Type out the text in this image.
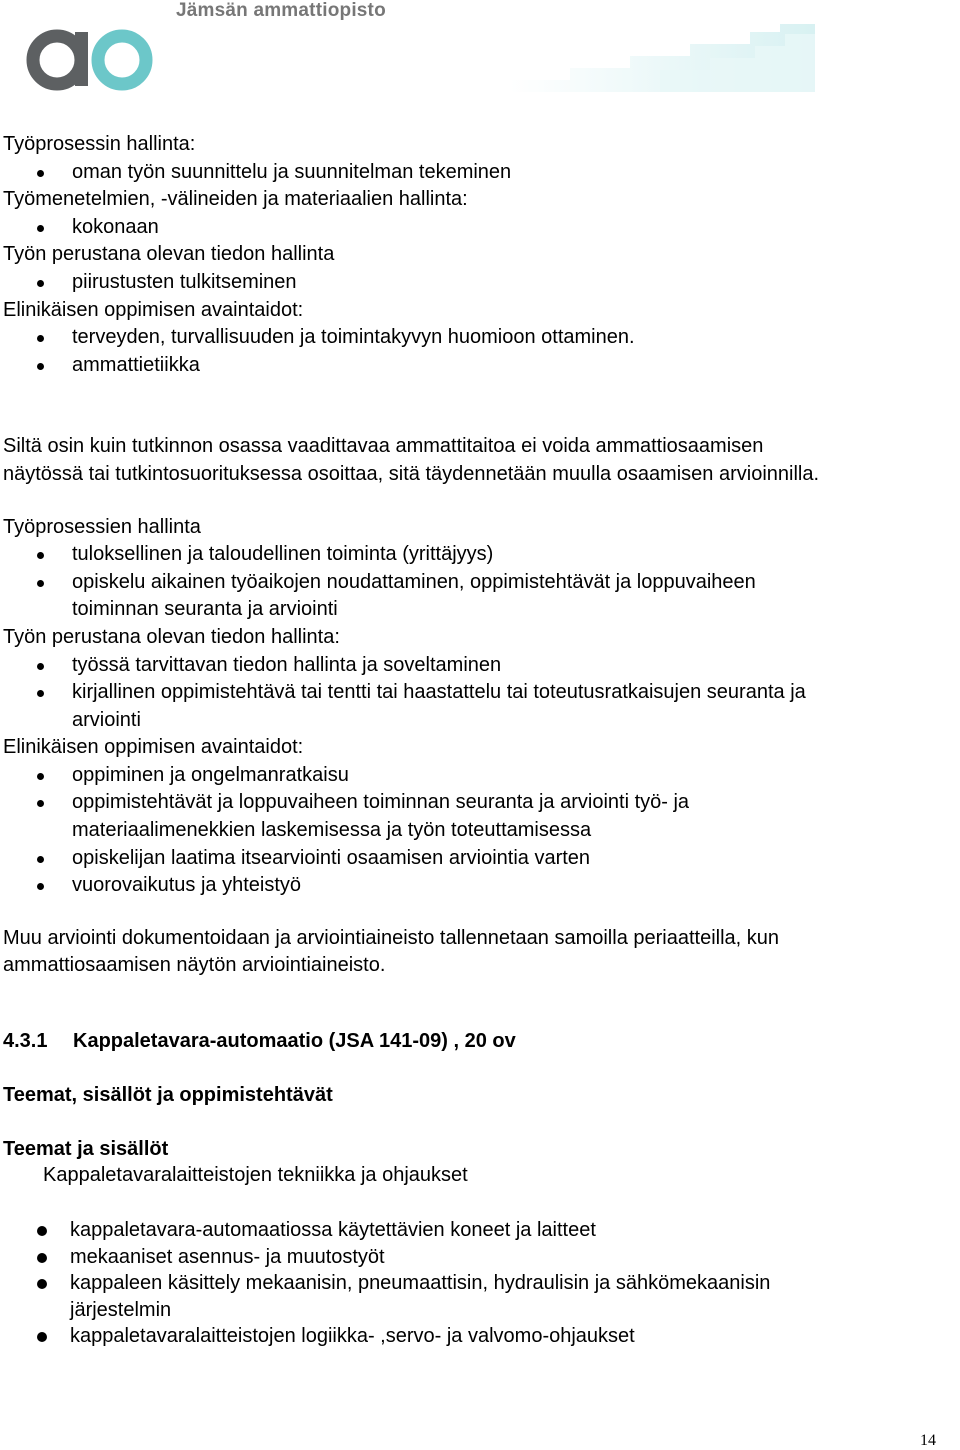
Jämsän ammattiopisto
Työprosessin hallinta:
oman työn suunnittelu ja suunnitelman tekeminen
Työmenetelmien, -välineiden ja materiaalien hallinta:
kokonaan
Työn perustana olevan tiedon hallinta
piirustusten tulkitseminen
Elinikäisen oppimisen avaintaidot:
terveyden, turvallisuuden ja toimintakyvyn huomioon ottaminen.
ammattietiikka
Siltä osin kuin tutkinnon osassa vaadittavaa ammattitaitoa ei voida ammattiosaamisen
näytössä tai tutkintosuorituksessa osoittaa, sitä täydennetään muulla osaamisen arvioinnilla.
Työprosessien hallinta
tuloksellinen ja taloudellinen toiminta (yrittäjyys)
opiskelu aikainen työaikojen noudattaminen, oppimistehtävät ja loppuvaiheen
toiminnan seuranta ja arviointi
Työn perustana olevan tiedon hallinta:
työssä tarvittavan tiedon hallinta ja soveltaminen
kirjallinen oppimistehtävä tai tentti tai haastattelu tai toteutusratkaisujen seuranta ja
arviointi
Elinikäisen oppimisen avaintaidot:
oppiminen ja ongelmanratkaisu
oppimistehtävät ja loppuvaiheen toiminnan seuranta ja arviointi työ- ja
materiaalimenekkien laskemisessa ja työn toteuttamisessa
opiskelijan laatima itsearviointi osaamisen arviointia varten
vuorovaikutus ja yhteistyö
Muu arviointi dokumentoidaan ja arviointiaineisto tallennetaan samoilla periaatteilla, kun
ammattiosaamisen näytön arviointiaineisto.
4.3.1 Kappaletavara-automaatio (JSA 141-09) , 20 ov
Teemat, sisällöt ja oppimistehtävät
Teemat ja sisällöt
Kappaletavaralaitteistojen tekniikka ja ohjaukset
kappaletavara-automaatiossa käytettävien koneet ja laitteet
mekaaniset asennus- ja muutostyöt
kappaleen käsittely mekaanisin, pneumaattisin, hydraulisin ja sähkömekaanisin
järjestelmin
kappaletavaralaitteistojen logiikka- ,servo- ja valvomo-ohjaukset
14
